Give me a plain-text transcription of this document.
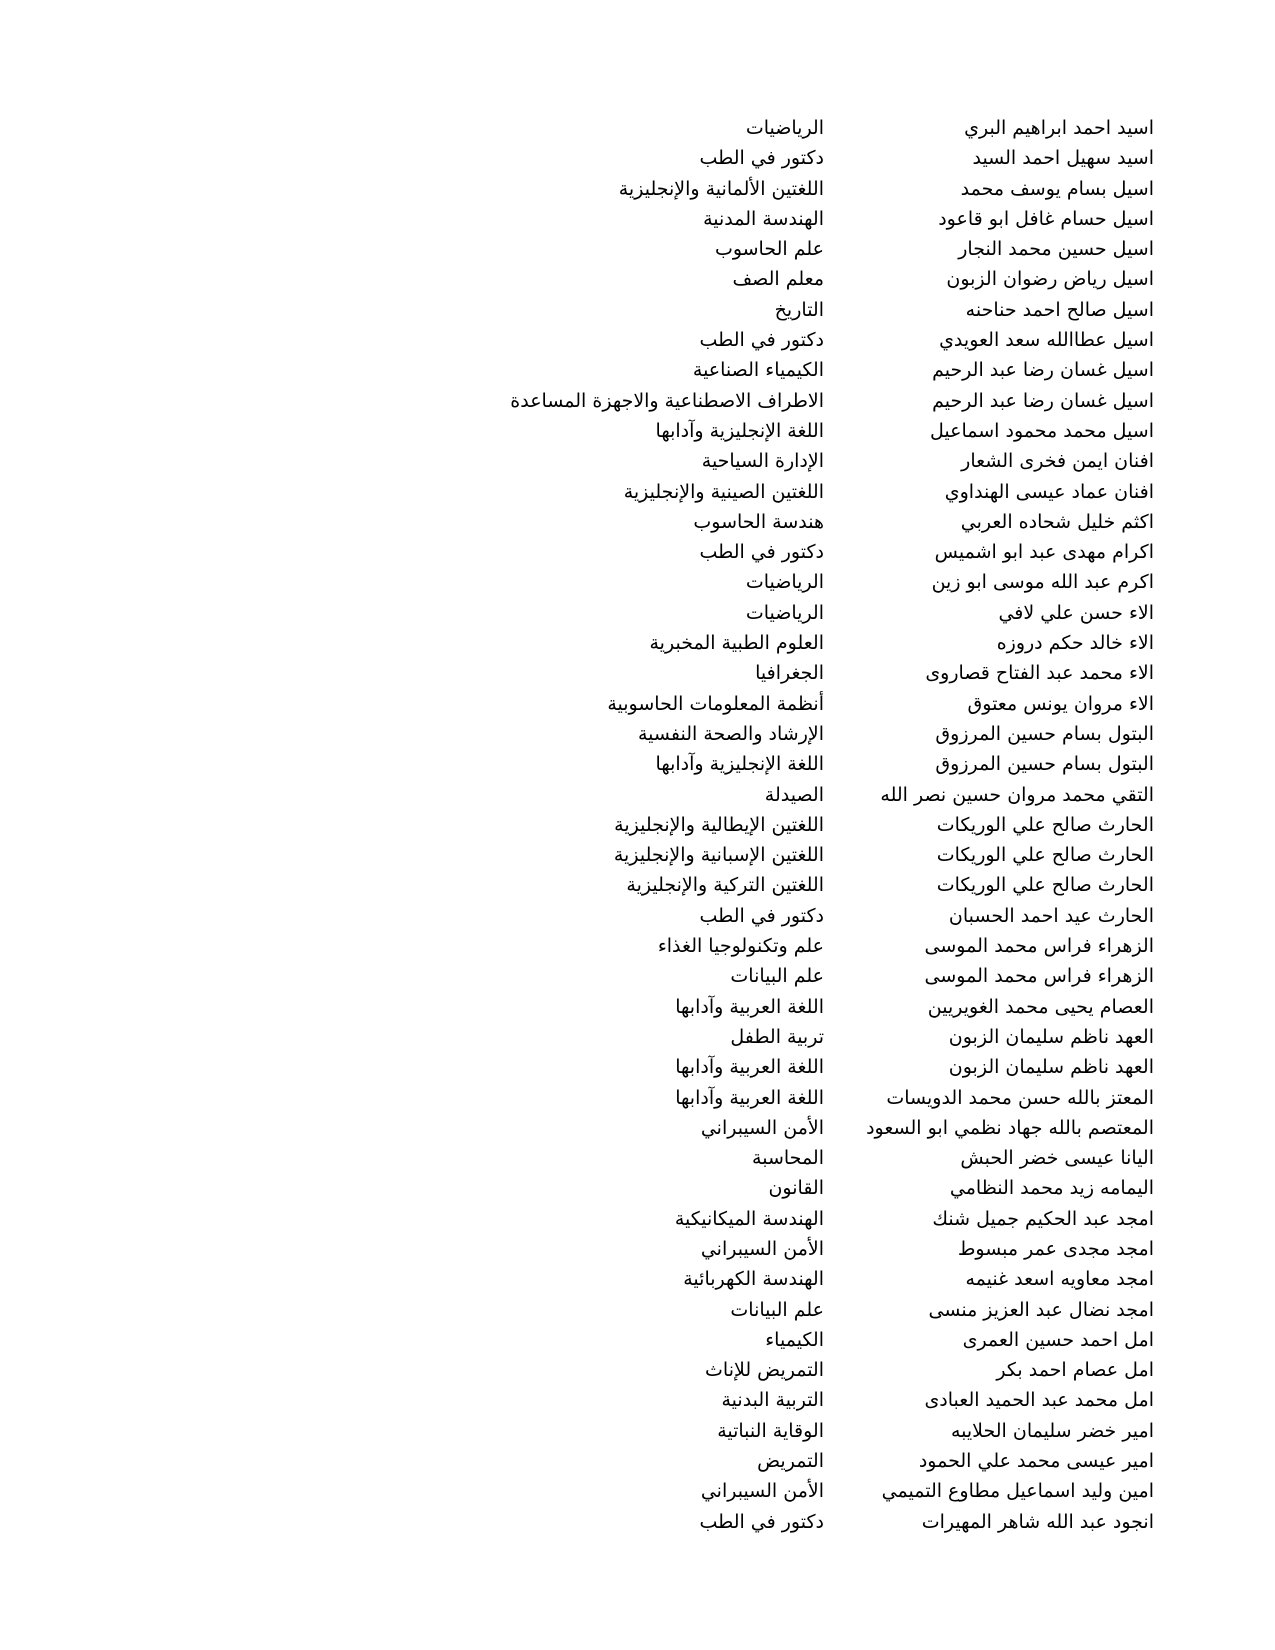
اسيد احمد ابراهيم البري
الرياضيات
اسيد سهيل احمد السيد
دكتور في الطب
اسيل بسام يوسف محمد
اللغتين الألمانية والإنجليزية
اسيل حسام غافل ابو قاعود
الهندسة المدنية
اسيل حسين محمد النجار
علم الحاسوب
اسيل رياض رضوان الزبون
معلم الصف
اسيل صالح احمد حناحنه
التاريخ
اسيل عطاالله سعد العويدي
دكتور في الطب
اسيل غسان رضا عبد الرحيم
الكيمياء الصناعية
اسيل غسان رضا عبد الرحيم
الاطراف الاصطناعية والاجهزة المساعدة
اسيل محمد محمود اسماعيل
اللغة الإنجليزية وآدابها
افنان ايمن فخرى الشعار
الإدارة السياحية
افنان عماد عيسى الهنداوي
اللغتين الصينية والإنجليزية
اكثم خليل شحاده العربي
هندسة الحاسوب
اكرام مهدى عبد ابو اشميس
دكتور في الطب
اكرم عبد الله موسى ابو زين
الرياضيات
الاء حسن علي لافي
الرياضيات
الاء خالد حكم دروزه
العلوم الطبية المخبرية
الاء محمد عبد الفتاح قصاروى
الجغرافيا
الاء مروان يونس معتوق
أنظمة المعلومات الحاسوبية
البتول بسام حسين المرزوق
الإرشاد والصحة النفسية
البتول بسام حسين المرزوق
اللغة الإنجليزية وآدابها
التقي محمد مروان حسين نصر الله
الصيدلة
الحارث صالح علي الوريكات
اللغتين الإيطالية والإنجليزية
الحارث صالح علي الوريكات
اللغتين الإسبانية والإنجليزية
الحارث صالح علي الوريكات
اللغتين التركية والإنجليزية
الحارث عيد احمد الحسبان
دكتور في الطب
الزهراء فراس محمد الموسى
علم وتكنولوجيا الغذاء
الزهراء فراس محمد الموسى
علم البيانات
العصام يحيى محمد الغويريين
اللغة العربية وآدابها
العهد ناظم سليمان الزبون
تربية الطفل
العهد ناظم سليمان الزبون
اللغة العربية وآدابها
المعتز بالله حسن محمد الدويسات
اللغة العربية وآدابها
المعتصم بالله جهاد نظمي ابو السعود
الأمن السيبراني
اليانا عيسى خضر الحبش
المحاسبة
اليمامه زيد محمد النظامي
القانون
امجد عبد الحكيم جميل شنك
الهندسة الميكانيكية
امجد مجدى عمر مبسوط
الأمن السيبراني
امجد معاويه اسعد غنيمه
الهندسة الكهربائية
امجد نضال عبد العزيز منسى
علم البيانات
امل احمد حسين العمرى
الكيمياء
امل عصام احمد بكر
التمريض للإناث
امل محمد عبد الحميد العبادى
التربية البدنية
امير خضر سليمان الحلايبه
الوقاية النباتية
امير عيسى محمد علي الحمود
التمريض
امين وليد اسماعيل مطاوع التميمي
الأمن السيبراني
انجود عبد الله شاهر المهيرات
دكتور في الطب
